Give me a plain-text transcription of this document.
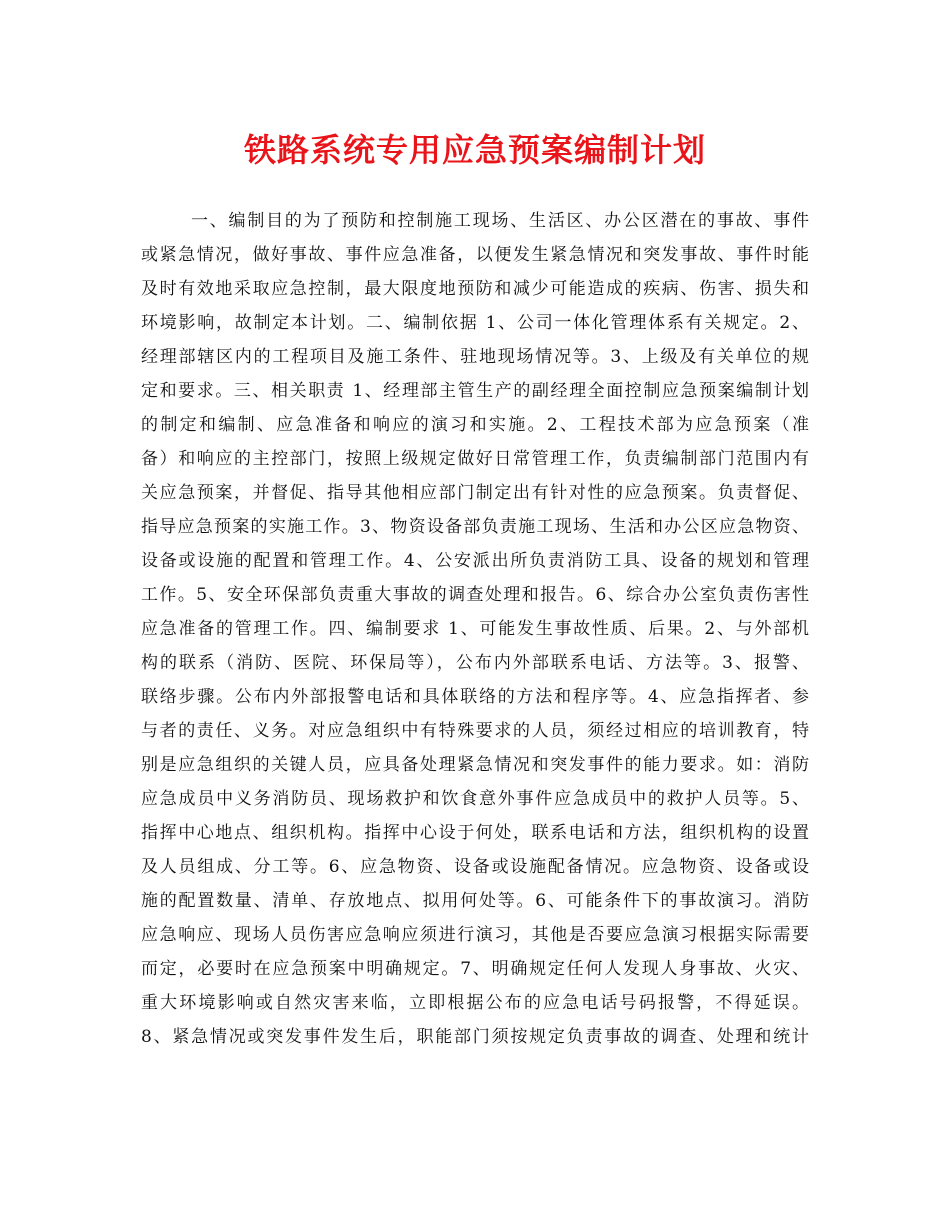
铁路系统专用应急预案编制计划
一、编制目的为了预防和控制施工现场、生活区、办公区潜在的事故、事件
或紧急情况，做好事故、事件应急准备，以便发生紧急情况和突发事故、事件时能
及时有效地采取应急控制，最大限度地预防和减少可能造成的疾病、伤害、损失和
环境影响，故制定本计划。二、编制依据 1、公司一体化管理体系有关规定。2、
经理部辖区内的工程项目及施工条件、驻地现场情况等。3、上级及有关单位的规
定和要求。三、相关职责 1、经理部主管生产的副经理全面控制应急预案编制计划
的制定和编制、应急准备和响应的演习和实施。2、工程技术部为应急预案（准
备）和响应的主控部门，按照上级规定做好日常管理工作，负责编制部门范围内有
关应急预案，并督促、指导其他相应部门制定出有针对性的应急预案。负责督促、
指导应急预案的实施工作。3、物资设备部负责施工现场、生活和办公区应急物资、
设备或设施的配置和管理工作。4、公安派出所负责消防工具、设备的规划和管理
工作。5、安全环保部负责重大事故的调查处理和报告。6、综合办公室负责伤害性
应急准备的管理工作。四、编制要求 1、可能发生事故性质、后果。2、与外部机
构的联系（消防、医院、环保局等），公布内外部联系电话、方法等。3、报警、
联络步骤。公布内外部报警电话和具体联络的方法和程序等。4、应急指挥者、参
与者的责任、义务。对应急组织中有特殊要求的人员，须经过相应的培训教育，特
别是应急组织的关键人员，应具备处理紧急情况和突发事件的能力要求。如：消防
应急成员中义务消防员、现场救护和饮食意外事件应急成员中的救护人员等。5、
指挥中心地点、组织机构。指挥中心设于何处，联系电话和方法，组织机构的设置
及人员组成、分工等。6、应急物资、设备或设施配备情况。应急物资、设备或设
施的配置数量、清单、存放地点、拟用何处等。6、可能条件下的事故演习。消防
应急响应、现场人员伤害应急响应须进行演习，其他是否要应急演习根据实际需要
而定，必要时在应急预案中明确规定。7、明确规定任何人发现人身事故、火灾、
重大环境影响或自然灾害来临，立即根据公布的应急电话号码报警，不得延误。
8、紧急情况或突发事件发生后，职能部门须按规定负责事故的调查、处理和统计
